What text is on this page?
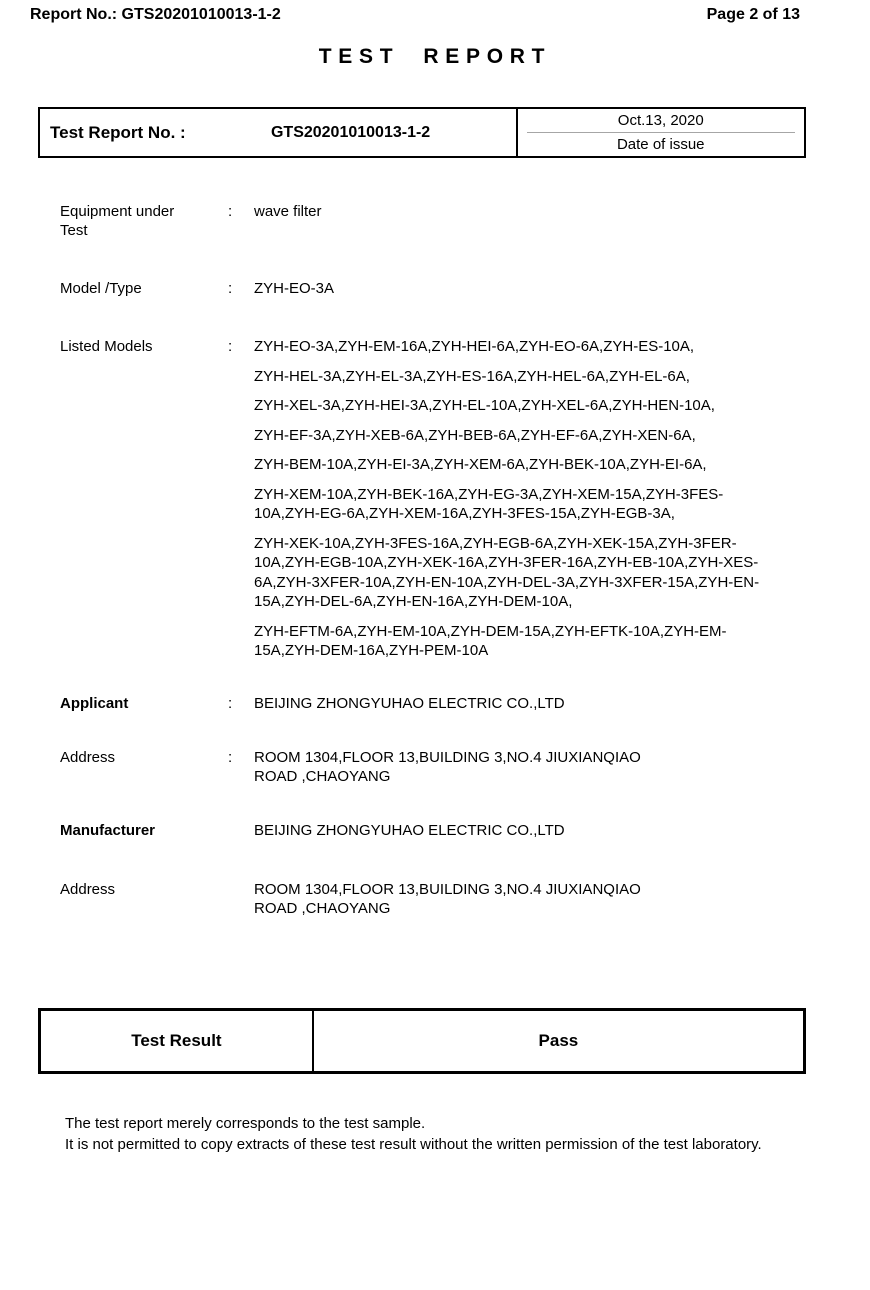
Report No.: GTS20201010013-1-2	Page 2 of 13
TEST REPORT
Test Report No. :	GTS20201010013-1-2
Oct.13, 2020
Date of issue
Equipment under Test
:	wave filter
Model /Type	:	ZYH-EO-3A
Listed Models	:	ZYH-EO-3A,ZYH-EM-16A,ZYH-HEI-6A,ZYH-EO-6A,ZYH-ES-10A,

ZYH-HEL-3A,ZYH-EL-3A,ZYH-ES-16A,ZYH-HEL-6A,ZYH-EL-6A,

ZYH-XEL-3A,ZYH-HEI-3A,ZYH-EL-10A,ZYH-XEL-6A,ZYH-HEN-10A,

ZYH-EF-3A,ZYH-XEB-6A,ZYH-BEB-6A,ZYH-EF-6A,ZYH-XEN-6A,

ZYH-BEM-10A,ZYH-EI-3A,ZYH-XEM-6A,ZYH-BEK-10A,ZYH-EI-6A,

ZYH-XEM-10A,ZYH-BEK-16A,ZYH-EG-3A,ZYH-XEM-15A,ZYH-3FES-10A,ZYH-EG-6A,ZYH-XEM-16A,ZYH-3FES-15A,ZYH-EGB-3A,

ZYH-XEK-10A,ZYH-3FES-16A,ZYH-EGB-6A,ZYH-XEK-15A,ZYH-3FER-10A,ZYH-EGB-10A,ZYH-XEK-16A,ZYH-3FER-16A,ZYH-EB-10A,ZYH-XES-6A,ZYH-3XFER-10A,ZYH-EN-10A,ZYH-DEL-3A,ZYH-3XFER-15A,ZYH-EN-15A,ZYH-DEL-6A,ZYH-EN-16A,ZYH-DEM-10A,

ZYH-EFTM-6A,ZYH-EM-10A,ZYH-DEM-15A,ZYH-EFTK-10A,ZYH-EM-15A,ZYH-DEM-16A,ZYH-PEM-10A

Applicant	:	BEIJING ZHONGYUHAO ELECTRIC CO.,LTD
Address	:	ROOM 1304,FLOOR 13,BUILDING 3,NO.4 JIUXIANQIAO ROAD ,CHAOYANG
Manufacturer	BEIJING ZHONGYUHAO ELECTRIC CO.,LTD
Address	ROOM 1304,FLOOR 13,BUILDING 3,NO.4 JIUXIANQIAO ROAD ,CHAOYANG
Test Result	Pass
The test report merely corresponds to the test sample.
It is not permitted to copy extracts of these test result without the written permission of the test laboratory.
